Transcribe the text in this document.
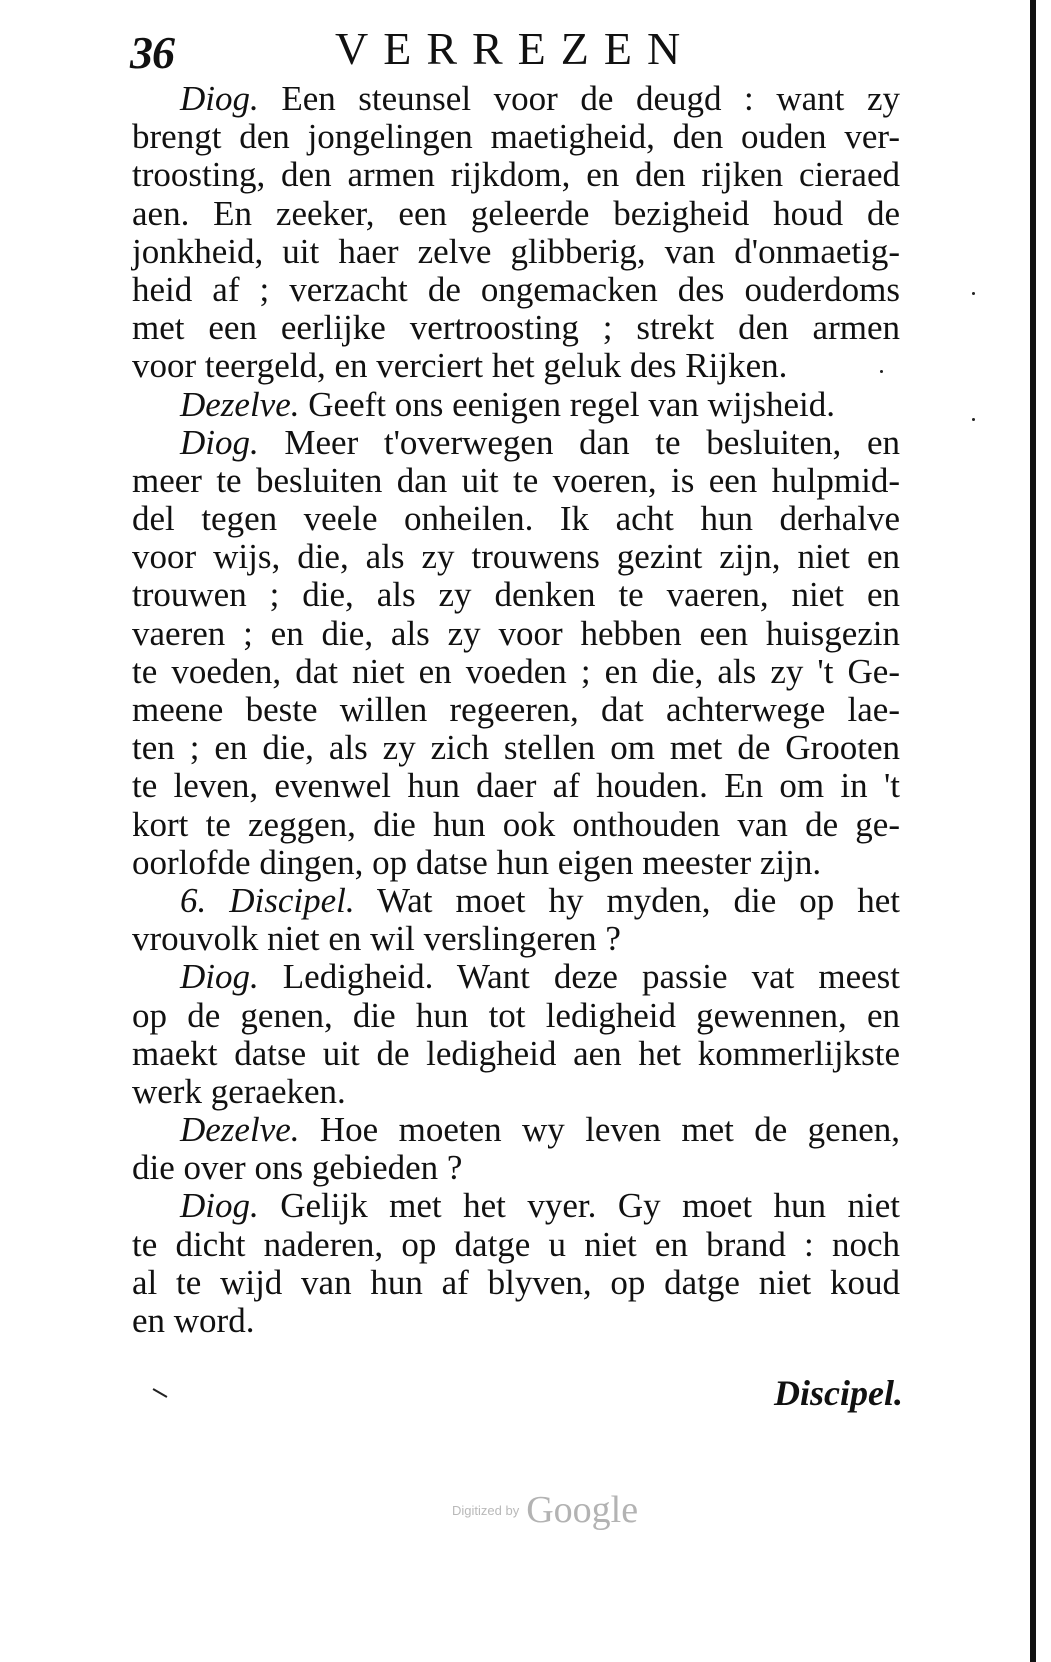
36	VERREZEN
Diog. Een steunsel voor de deugd : want zy
brengt den jongelingen maetigheid, den ouden ver-
troosting, den armen rijkdom, en den rijken cieraed
aen. En zeeker, een geleerde bezigheid houd de
jonkheid, uit haer zelve glibberig, van d'onmaetig-
heid af ; verzacht de ongemacken des ouderdoms
met een eerlijke vertroosting ; strekt den armen
voor teergeld, en verciert het geluk des Rijken.
Dezelve. Geeft ons eenigen regel van wijsheid.
Diog. Meer t'overwegen dan te besluiten, en
meer te besluiten dan uit te voeren, is een hulpmid-
del tegen veele onheilen. Ik acht hun derhalve
voor wijs, die, als zy trouwens gezint zijn, niet en
trouwen ; die, als zy denken te vaeren, niet en
vaeren ; en die, als zy voor hebben een huisgezin
te voeden, dat niet en voeden ; en die, als zy 't Ge-
meene beste willen regeeren, dat achterwege lae-
ten ; en die, als zy zich stellen om met de Grooten
te leven, evenwel hun daer af houden. En om in 't
kort te zeggen, die hun ook onthouden van de ge-
oorlofde dingen, op datse hun eigen meester zijn.
6. Discipel. Wat moet hy myden, die op het
vrouvolk niet en wil verslingeren ?
Diog. Ledigheid. Want deze passie vat meest
op de genen, die hun tot ledigheid gewennen, en
maekt datse uit de ledigheid aen het kommerlijkste
werk geraeken.
Dezelve. Hoe moeten wy leven met de genen,
die over ons gebieden ?
Diog. Gelijk met het vyer. Gy moet hun niet
te dicht naderen, op datge u niet en brand : noch
al te wijd van hun af blyven, op datge niet koud
en word.
Discipel.
Digitized by Google
